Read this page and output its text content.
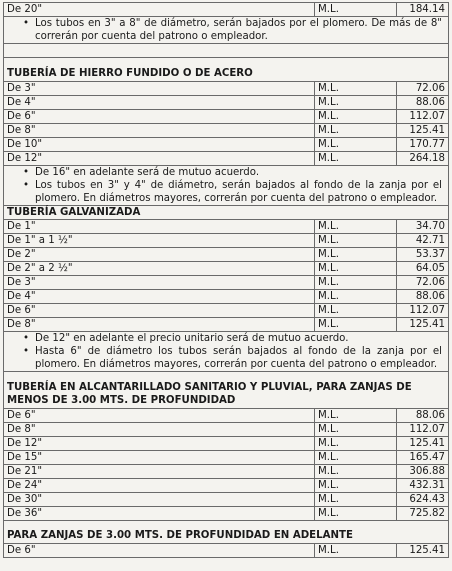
De 20"	M.L.	184.14
• Los tubos en 3" a 8" de diámetro, serán bajados por el plomero. De más de 8" correrán por cuenta del patrono o empleador.
TUBERÍA DE HIERRO FUNDIDO O DE ACERO
De 3"	M.L.	72.06
De 4"	M.L.	88.06
De 6"	M.L.	112.07
De 8"	M.L.	125.41
De 10"	M.L.	170.77
De 12"	M.L.	264.18
• De 16" en adelante será de mutuo acuerdo.
• Los tubos en 3" y 4" de diámetro, serán bajados al fondo de la zanja por el plomero. En diámetros mayores, correrán por cuenta del patrono o empleador.
TUBERÍA GALVANIZADA
De 1"	M.L.	34.70
De 1" a 1 ½"	M.L.	42.71
De 2"	M.L.	53.37
De 2" a 2 ½"	M.L.	64.05
De 3"	M.L.	72.06
De 4"	M.L.	88.06
De 6"	M.L.	112.07
De 8"	M.L.	125.41
• De 12" en adelante el precio unitario será de mutuo acuerdo.
• Hasta 6" de diámetro los tubos serán bajados al fondo de la zanja por el plomero. En diámetros mayores, correrán por cuenta del patrono o empleador.
TUBERÍA EN ALCANTARILLADO SANITARIO Y PLUVIAL, PARA ZANJAS DE MENOS DE 3.00 MTS. DE PROFUNDIDAD
De 6"	M.L.	88.06
De 8"	M.L.	112.07
De 12"	M.L.	125.41
De 15"	M.L.	165.47
De 21"	M.L.	306.88
De 24"	M.L.	432.31
De 30"	M.L.	624.43
De 36"	M.L.	725.82
PARA ZANJAS DE 3.00 MTS. DE PROFUNDIDAD EN ADELANTE
De 6"	M.L.	125.41
